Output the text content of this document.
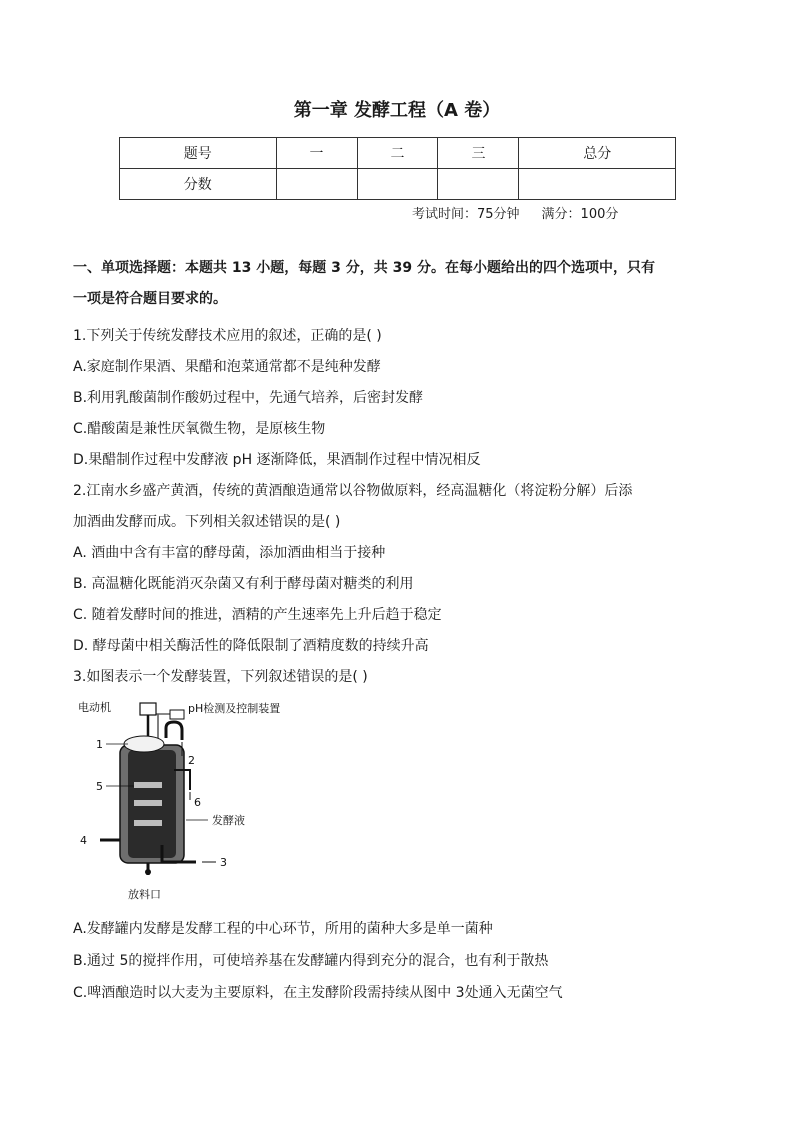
第一章 发酵工程（A 卷）
题号	一	二	三	总分
分数				
考试时间：75分钟 满分：100分
一、单项选择题：本题共 13 小题，每题 3 分，共 39 分。在每小题给出的四个选项中，只有
一项是符合题目要求的。
1.下列关于传统发酵技术应用的叙述，正确的是( )
A.家庭制作果酒、果醋和泡菜通常都不是纯种发酵
B.利用乳酸菌制作酸奶过程中，先通气培养，后密封发酵
C.醋酸菌是兼性厌氧微生物，是原核生物
D.果醋制作过程中发酵液 pH 逐渐降低，果酒制作过程中情况相反
2.江南水乡盛产黄酒，传统的黄酒酿造通常以谷物做原料，经高温糖化（将淀粉分解）后添
加酒曲发酵而成。下列相关叙述错误的是( )
A. 酒曲中含有丰富的酵母菌，添加酒曲相当于接种
B. 高温糖化既能消灭杂菌又有利于酵母菌对糖类的利用
C. 随着发酵时间的推进，酒精的产生速率先上升后趋于稳定
D. 酵母菌中相关酶活性的降低限制了酒精度数的持续升高
3.如图表示一个发酵装置，下列叙述错误的是( )
电动机	pH检测及控制装置
1
2
5
6
发酵液
4
3
放料口
A.发酵罐内发酵是发酵工程的中心环节，所用的菌种大多是单一菌种
B.通过 5的搅拌作用，可使培养基在发酵罐内得到充分的混合，也有利于散热
C.啤酒酿造时以大麦为主要原料，在主发酵阶段需持续从图中 3处通入无菌空气
